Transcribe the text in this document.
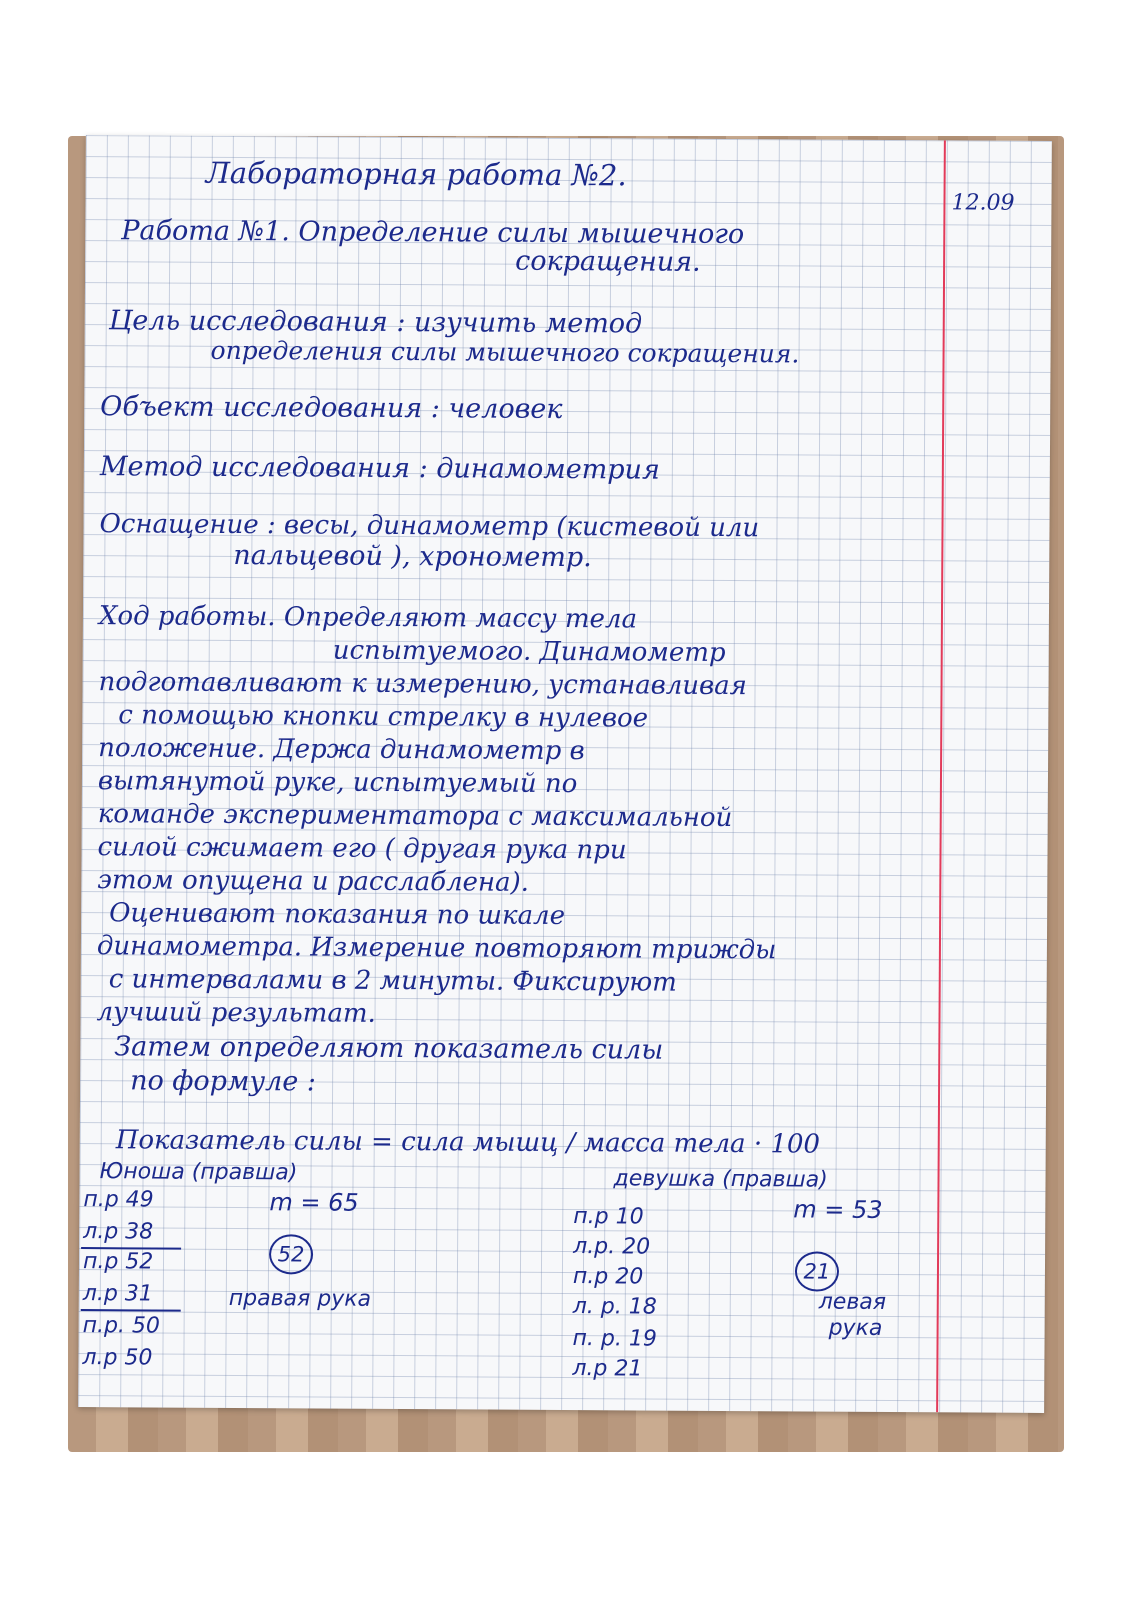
Лабораторная работа №2.
12.09
Работа №1. Определение силы мышечного
сокращения.
Цель исследования : изучить метод
определения силы мышечного сокращения.
Объект исследования : человек
Метод исследования : динамометрия
Оснащение : весы, динамометр (кистевой или
пальцевой ), хронометр.
Ход работы. Определяют массу тела
испытуемого. Динамометр
подготавливают к измерению, устанавливая
с помощью кнопки стрелку в нулевое
положение. Держа динамометр в
вытянутой руке, испытуемый по
команде экспериментатора с максимальной
силой сжимает его ( другая рука при
этом опущена и расслаблена).
Оценивают показания по шкале
динамометра. Измерение повторяют трижды
с интервалами в 2 минуты. Фиксируют
лучший результат.
Затем определяют показатель силы
по формуле :
Показатель силы = сила мышц / масса тела · 100
Юноша (правша)
m = 65
п.р 49
л.р 38
п.р 52
л.р 31
п.р. 50
л.р 50
52
правая рука
девушка (правша)
m = 53
п.р 10
л.р. 20
п.р 20
л. р. 18
п. р. 19
л.р 21
21
левая
рука
